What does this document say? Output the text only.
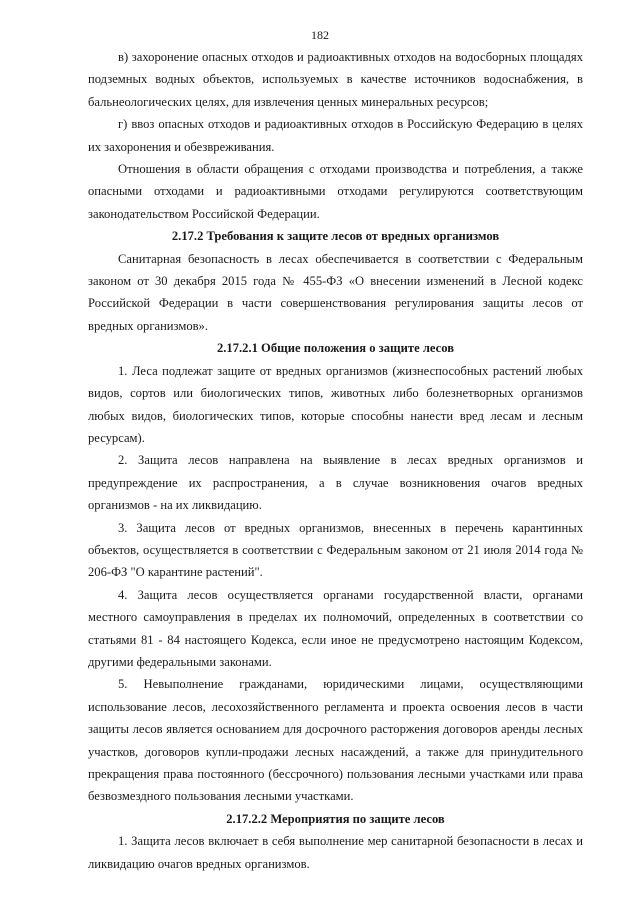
182

в) захоронение опасных отходов и радиоактивных отходов на водосборных площадях подземных водных объектов, используемых в качестве источников водоснабжения, в бальнеологических целях, для извлечения ценных минеральных ресурсов;

г) ввоз опасных отходов и радиоактивных отходов в Российскую Федерацию в целях их захоронения и обезвреживания.

Отношения в области обращения с отходами производства и потребления, а также опасными отходами и радиоактивными отходами регулируются соответствующим законодательством Российской Федерации.

2.17.2 Требования к защите лесов от вредных организмов

Санитарная безопасность в лесах обеспечивается в соответствии с Федеральным законом от 30 декабря 2015 года № 455-ФЗ «О внесении изменений в Лесной кодекс Российской Федерации в части совершенствования регулирования защиты лесов от вредных организмов».

2.17.2.1 Общие положения о защите лесов

1. Леса подлежат защите от вредных организмов (жизнеспособных растений любых видов, сортов или биологических типов, животных либо болезнетворных организмов любых видов, биологических типов, которые способны нанести вред лесам и лесным ресурсам).

2. Защита лесов направлена на выявление в лесах вредных организмов и предупреждение их распространения, а в случае возникновения очагов вредных организмов - на их ликвидацию.

3. Защита лесов от вредных организмов, внесенных в перечень карантинных объектов, осуществляется в соответствии с Федеральным законом от 21 июля 2014 года № 206-ФЗ "О карантине растений".

4. Защита лесов осуществляется органами государственной власти, органами местного самоуправления в пределах их полномочий, определенных в соответствии со статьями 81 - 84 настоящего Кодекса, если иное не предусмотрено настоящим Кодексом, другими федеральными законами.

5. Невыполнение гражданами, юридическими лицами, осуществляющими использование лесов, лесохозяйственного регламента и проекта освоения лесов в части защиты лесов является основанием для досрочного расторжения договоров аренды лесных участков, договоров купли-продажи лесных насаждений, а также для принудительного прекращения права постоянного (бессрочного) пользования лесными участками или права безвозмездного пользования лесными участками.

2.17.2.2 Мероприятия по защите лесов

1. Защита лесов включает в себя выполнение мер санитарной безопасности в лесах и ликвидацию очагов вредных организмов.
